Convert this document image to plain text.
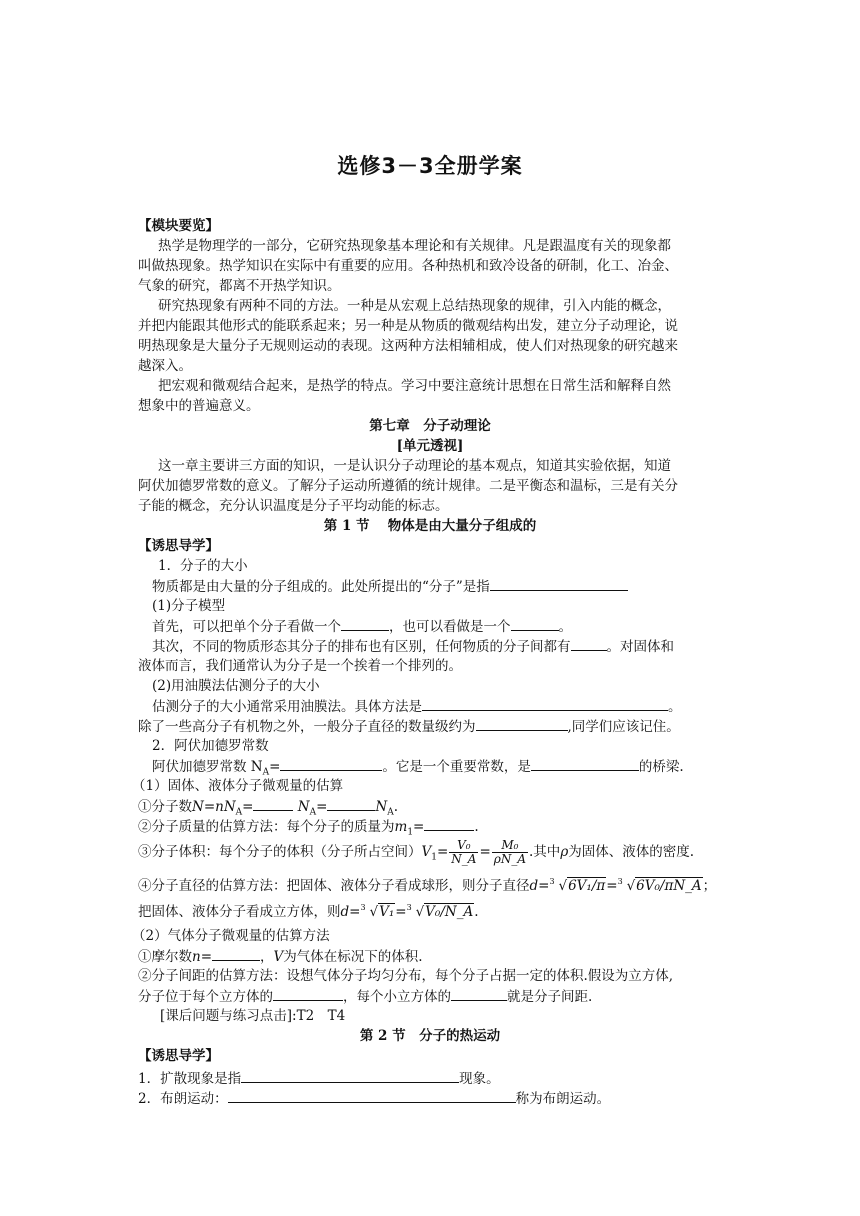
选修3－3全册学案
【模块要览】
热学是物理学的一部分，它研究热现象基本理论和有关规律。凡是跟温度有关的现象都
叫做热现象。热学知识在实际中有重要的应用。各种热机和致冷设备的研制，化工、冶金、
气象的研究，都离不开热学知识。
研究热现象有两种不同的方法。一种是从宏观上总结热现象的规律，引入内能的概念，
并把内能跟其他形式的能联系起来；另一种是从物质的微观结构出发，建立分子动理论，说
明热现象是大量分子无规则运动的表现。这两种方法相辅相成，使人们对热现象的研究越来
越深入。
把宏观和微观结合起来，是热学的特点。学习中要注意统计思想在日常生活和解释自然
想象中的普遍意义。
第七章　分子动理论
[单元透视]
这一章主要讲三方面的知识，一是认识分子动理论的基本观点，知道其实验依据，知道
阿伏加德罗常数的意义。了解分子运动所遵循的统计规律。二是平衡态和温标，三是有关分
子能的概念，充分认识温度是分子平均动能的标志。
第 1 节　 物体是由大量分子组成的
【诱思导学】
1．分子的大小
物质都是由大量的分子组成的。此处所提出的“分子”是指
(1)分子模型
首先，可以把单个分子看做一个	，也可以看做是一个	。
其次，不同的物质形态其分子的排布也有区别，任何物质的分子间都有	。对固体和
液体而言，我们通常认为分子是一个挨着一个排列的。
(2)用油膜法估测分子的大小
估测分子的大小通常采用油膜法。具体方法是	。
除了一些高分子有机物之外，一般分子直径的数量级约为	,同学们应该记住。
2．阿伏加德罗常数
阿伏加德罗常数 $N_A=$	。它是一个重要常数，是	的桥梁.
（1）固体、液体分子微观量的估算
①分子数$N=nN_A=$	$N_A=$	$N_A$.
②分子质量的估算方法：每个分子的质量为$m_1=$	.
③分子体积：每个分子的体积（分子所占空间）$V_1= \frac{\text{V₀}}{N\_A} = \frac{\text{M₀}}{\rho N\_A}$ .其中ρ为固体、液体的密度.
④分子直径的估算方法：把固体、液体分子看成球形，则分子直径d= 3 √6V₁/π= 3 √6V₀/πN_A；
把固体、液体分子看成立方体，则d= 3 √V₁= 3 √V₀/N_A.
（2）气体分子微观量的估算方法
①摩尔数n=	，V为气体在标况下的体积.
②分子间距的估算方法：设想气体分子均匀分布，每个分子占据一定的体积.假设为立方体,
分子位于每个立方体的	，每个小立方体的	就是分子间距.
[课后问题与练习点击]:T2　T4
第 2 节　分子的热运动
【诱思导学】
1．扩散现象是指	现象。
2．布朗运动：	称为布朗运动。
